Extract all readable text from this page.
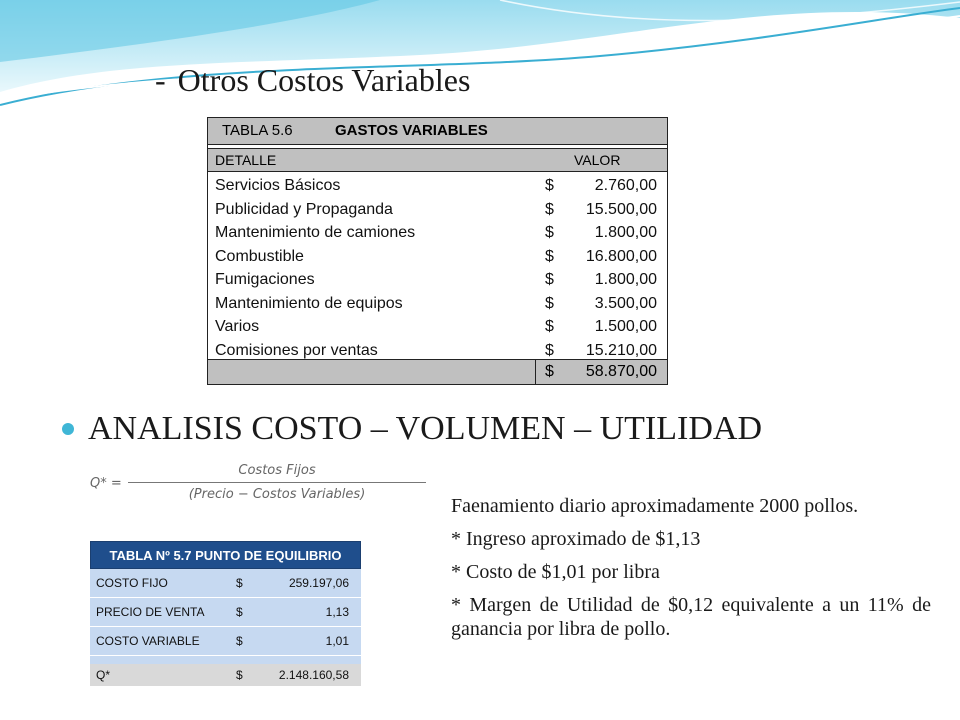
- Otros Costos Variables
TABLA 5.6	GASTOS VARIABLES
DETALLE	VALOR
Servicios Básicos	$	2.760,00
Publicidad y Propaganda	$ 15.500,00
Mantenimiento de camiones	$	1.800,00
Combustible	$ 16.800,00
Fumigaciones	$	1.800,00
Mantenimiento de equipos	$	3.500,00
Varios	$	1.500,00
Comisiones por ventas	$ 15.210,00
$ 58.870,00
ANALISIS COSTO – VOLUMEN – UTILIDAD
Q* =
Costos Fijos
(Precio − Costos Variables)
TABLA Nº 5.7 PUNTO DE EQUILIBRIO
COSTO FIJO	$	259.197,06
PRECIO DE VENTA	$	1,13
COSTO VARIABLE	$	1,01
Q*	$	2.148.160,58

Faenamiento diario aproximadamente 2000 pollos.

* Ingreso aproximado de $1,13

* Costo de $1,01 por libra

* Margen de Utilidad de $0,12 equivalente a un 11% de ganancia por libra de pollo.
